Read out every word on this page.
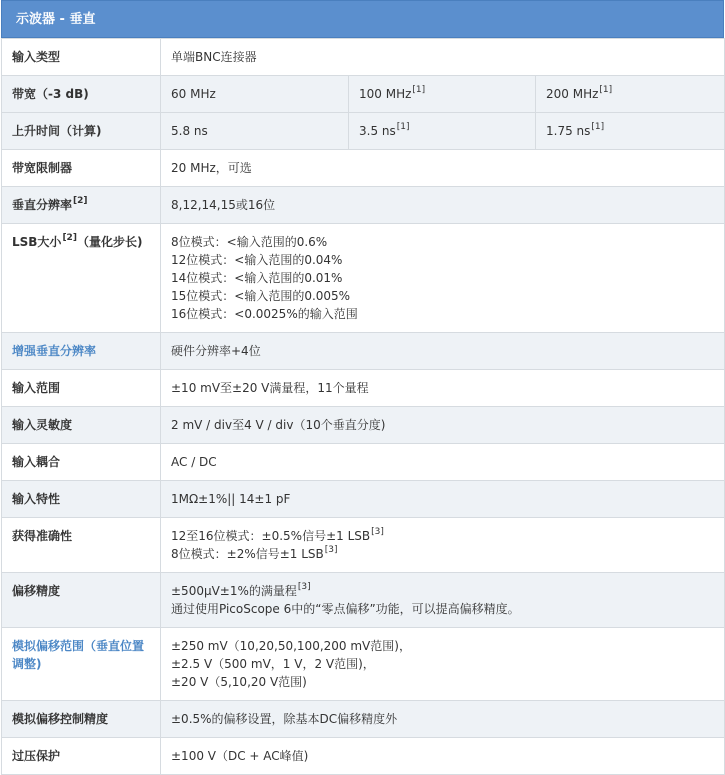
示波器 - 垂直
输入类型	单端BNC连接器		
带宽（-3 dB)	60 MHz	100 MHz[1]	200 MHz[1]
上升时间（计算)	5.8 ns	3.5 ns[1]	1.75 ns[1]
带宽限制器	20 MHz，可选		
垂直分辨率[2]	8,12,14,15或16位		
LSB大小[2]（量化步长)	8位模式：<输入范围的0.6%
12位模式：<输入范围的0.04%
14位模式：<输入范围的0.01%
15位模式：<输入范围的0.005%
16位模式：<0.0025%的输入范围		

增强垂直分辨率	硬件分辨率+4位		
输入范围	±10 mV至±20 V满量程，11个量程		
输入灵敏度	2 mV / div至4 V / div（10个垂直分度)		
输入耦合	AC / DC		
输入特性	1MΩ±1%|| 14±1 pF		
获得准确性	12至16位模式：±0.5%信号±1 LSB[3]
8位模式：±2%信号±1 LSB[3]

偏移精度	±500μV±1%的满量程[3]
通过使用PicoScope 6中的“零点偏移”功能，可以提高偏移精度。		

模拟偏移范围（垂直位置调整)	±250 mV（10,20,50,100,200 mV范围)，
±2.5 V（500 mV，1 V，2 V范围)，
±20 V（5,10,20 V范围)		

模拟偏移控制精度	±0.5%的偏移设置，除基本DC偏移精度外		
过压保护	±100 V（DC + AC峰值)		
